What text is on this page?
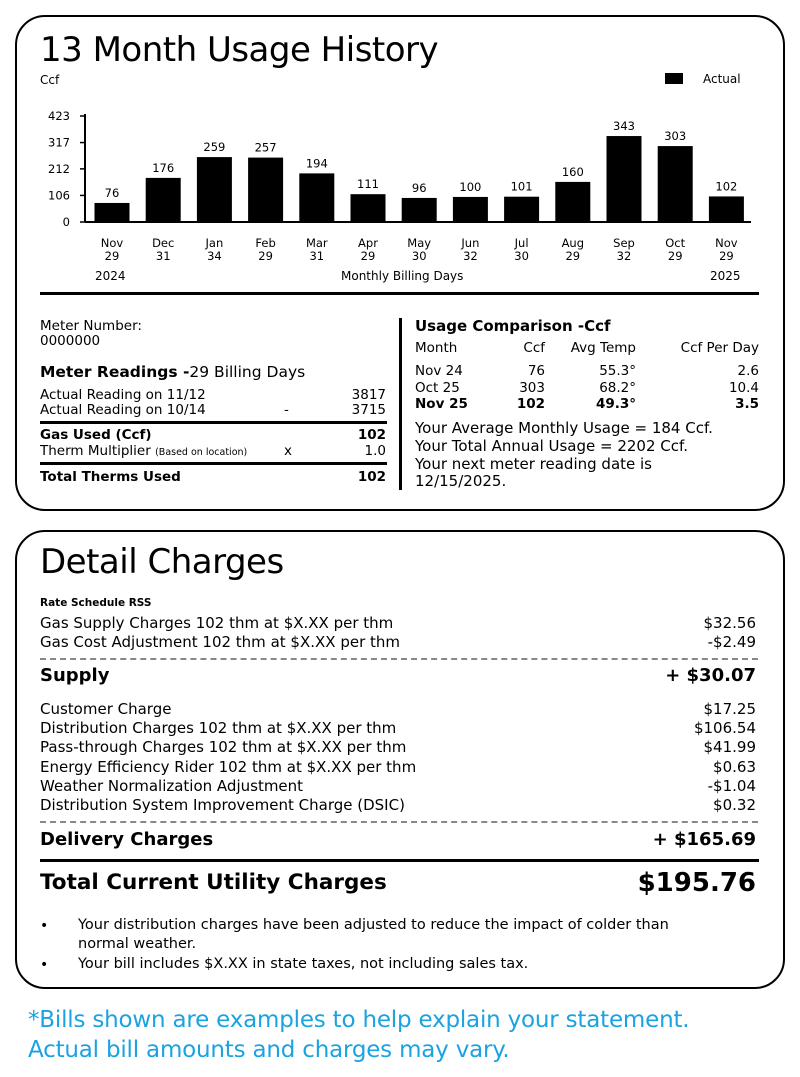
13 Month Usage History
Ccf	Actual
0
106
212
317
423
76
Nov
29
176
Dec
31
259
Jan
34
257
Feb
29
194
Mar
31
111
Apr
29
96
May
30
100
Jun
32
101
Jul
30
160
Aug
29
343
Sep
32
303
Oct
29
102
Nov
29
2024	Monthly Billing Days	2025
Meter Number:
0000000
Meter Readings -29 Billing Days
Actual Reading on 11/12	3817
Actual Reading on 10/14	-	3715
Gas Used (Ccf)	102
Therm Multiplier (Based on location)	x	1.0
Total Therms Used	102
Usage Comparison -Ccf
Month	Ccf	Avg Temp	Ccf Per Day
Nov 24	76	55.3°	2.6
Oct 25	303	68.2°	10.4
Nov 25	102	49.3°	3.5
Your Average Monthly Usage = 184 Ccf.
Your Total Annual Usage = 2202 Ccf.
Your next meter reading date is
12/15/2025.
Detail Charges
Rate Schedule RSS
Gas Supply Charges 102 thm at $X.XX per thm	$32.56
Gas Cost Adjustment 102 thm at $X.XX per thm	-$2.49
Supply	+ $30.07
Customer Charge	$17.25
Distribution Charges 102 thm at $X.XX per thm	$106.54
Pass-through Charges 102 thm at $X.XX per thm	$41.99
Energy Efficiency Rider 102 thm at $X.XX per thm	$0.63
Weather Normalization Adjustment	-$1.04
Distribution System Improvement Charge (DSIC)	$0.32
Delivery Charges	+ $165.69
Total Current Utility Charges	$195.76
• Your distribution charges have been adjusted to reduce the impact of colder than
normal weather.
• Your bill includes $X.XX in state taxes, not including sales tax.
*Bills shown are examples to help explain your statement.
Actual bill amounts and charges may vary.
